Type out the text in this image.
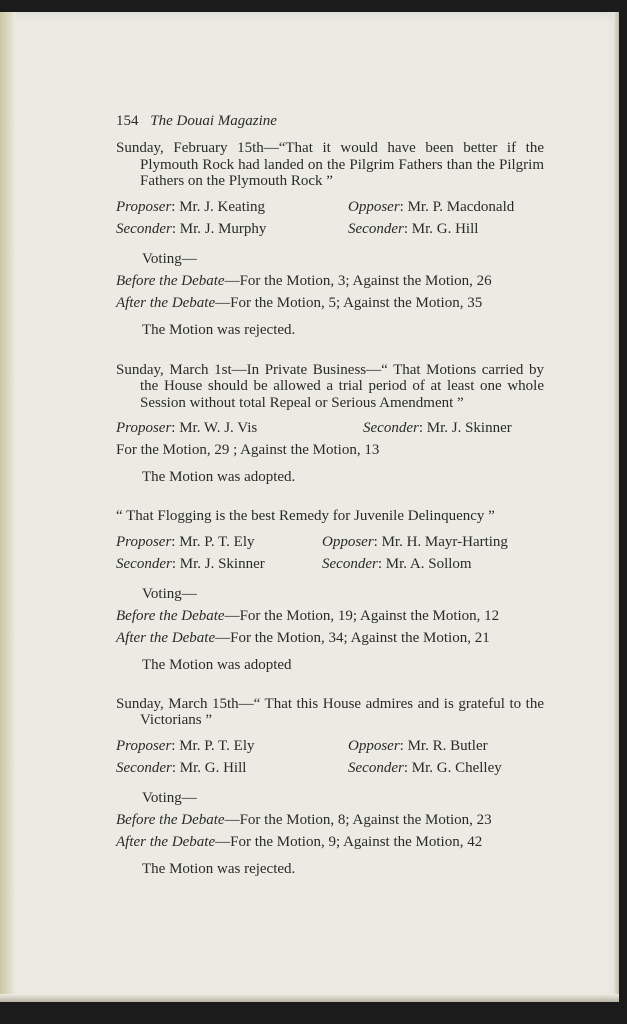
154 The Douai Magazine

Sunday, February 15th—“That it would have been better if the Plymouth Rock had landed on the Pilgrim Fathers than the Pilgrim Fathers on the Plymouth Rock ”

Proposer: Mr. J. Keating	Opposer: Mr. P. Macdonald
Seconder: Mr. J. Murphy	Seconder: Mr. G. Hill
Voting—
Before the Debate—For the Motion, 3; Against the Motion, 26
After the Debate—For the Motion, 5; Against the Motion, 35
The Motion was rejected.

Sunday, March 1st—In Private Business—“ That Motions carried by the House should be allowed a trial period of at least one whole Session without total Repeal or Serious Amendment ”

Proposer: Mr. W. J. Vis	Seconder: Mr. J. Skinner
For the Motion, 29 ; Against the Motion, 13
The Motion was adopted.

“ That Flogging is the best Remedy for Juvenile Delinquency ”

Proposer: Mr. P. T. Ely	Opposer: Mr. H. Mayr-Harting
Seconder: Mr. J. Skinner	Seconder: Mr. A. Sollom
Voting—
Before the Debate—For the Motion, 19; Against the Motion, 12
After the Debate—For the Motion, 34; Against the Motion, 21
The Motion was adopted

Sunday, March 15th—“ That this House admires and is grateful to the Victorians ”

Proposer: Mr. P. T. Ely	Opposer: Mr. R. Butler
Seconder: Mr. G. Hill	Seconder: Mr. G. Chelley
Voting—
Before the Debate—For the Motion, 8; Against the Motion, 23
After the Debate—For the Motion, 9; Against the Motion, 42
The Motion was rejected.
